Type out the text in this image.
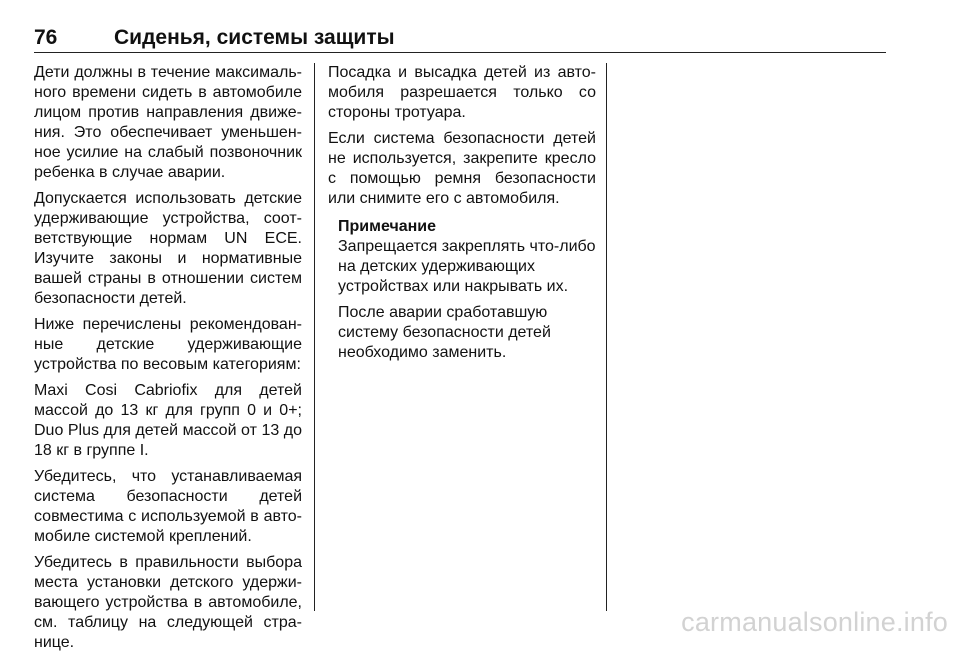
76	Сиденья, системы защиты

Дети должны в течение максимального времени сидеть в автомобиле лицом против направления движения. Это обеспечивает уменьшенное усилие на слабый позвоночник ребенка в случае аварии.

Допускается использовать детские удерживающие устройства, соответствующие нормам UN ECE. Изучите законы и нормативные вашей страны в отношении систем безопасности детей.

Ниже перечислены рекомендованные детские удерживающие устройства по весовым категориям:

Maxi Cosi Cabriofix для детей массой до 13 кг для групп 0 и 0+; Duo Plus для детей массой от 13 до 18 кг в группе I.

Убедитесь, что устанавливаемая система безопасности детей совместима с используемой в автомобиле системой креплений.

Убедитесь в правильности выбора места установки детского удерживающего устройства в автомобиле, см. таблицу на следующей странице.

Посадка и высадка детей из автомобиля разрешается только со стороны тротуара.

Если система безопасности детей не используется, закрепите кресло с помощью ремня безопасности или снимите его с автомобиля.

Примечание

Запрещается закреплять что-либо на детских удерживающих устройствах или накрывать их.

После аварии сработавшую систему безопасности детей необходимо заменить.

carmanualsonline.info
